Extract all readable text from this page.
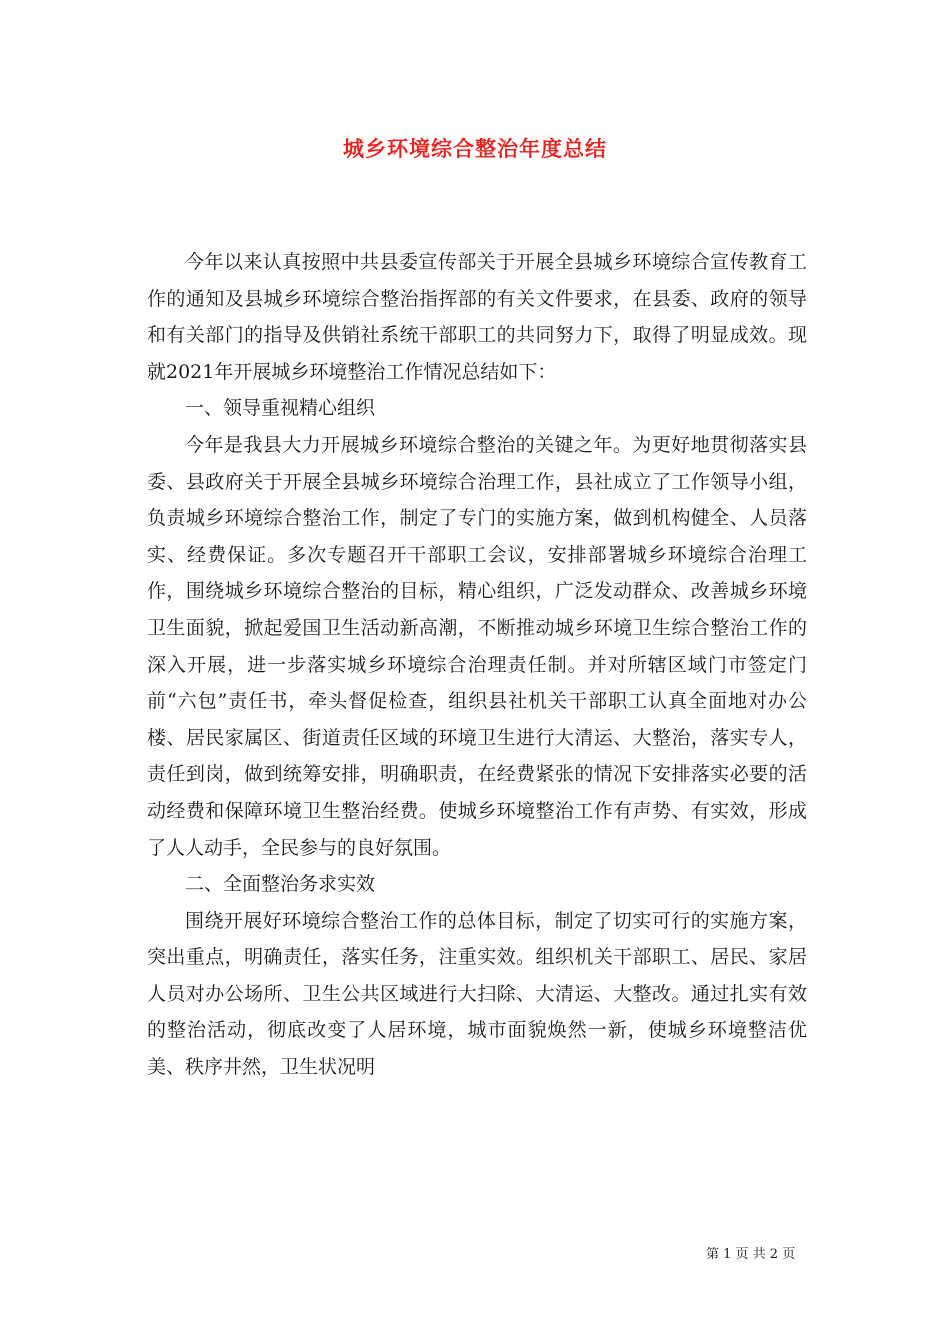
城乡环境综合整治年度总结

今年以来认真按照中共县委宣传部关于开展全县城乡环境综合宣传教育工作的通知及县城乡环境综合整治指挥部的有关文件要求，在县委、政府的领导和有关部门的指导及供销社系统干部职工的共同努力下，取得了明显成效。现就2021年开展城乡环境整治工作情况总结如下：

一、领导重视精心组织

今年是我县大力开展城乡环境综合整治的关键之年。为更好地贯彻落实县委、县政府关于开展全县城乡环境综合治理工作，县社成立了工作领导小组，负责城乡环境综合整治工作，制定了专门的实施方案，做到机构健全、人员落实、经费保证。多次专题召开干部职工会议，安排部署城乡环境综合治理工作，围绕城乡环境综合整治的目标，精心组织，广泛发动群众、改善城乡环境卫生面貌，掀起爱国卫生活动新高潮，不断推动城乡环境卫生综合整治工作的深入开展，进一步落实城乡环境综合治理责任制。并对所辖区域门市签定门前“六包”责任书，牵头督促检查，组织县社机关干部职工认真全面地对办公楼、居民家属区、街道责任区域的环境卫生进行大清运、大整治，落实专人，责任到岗，做到统筹安排，明确职责，在经费紧张的情况下安排落实必要的活动经费和保障环境卫生整治经费。使城乡环境整治工作有声势、有实效，形成了人人动手，全民参与的良好氛围。

二、全面整治务求实效

围绕开展好环境综合整治工作的总体目标，制定了切实可行的实施方案，突出重点，明确责任，落实任务，注重实效。组织机关干部职工、居民、家居人员对办公场所、卫生公共区域进行大扫除、大清运、大整改。通过扎实有效的整治活动，彻底改变了人居环境，城市面貌焕然一新，使城乡环境整洁优美、秩序井然，卫生状况明

第 1 页 共 2 页
